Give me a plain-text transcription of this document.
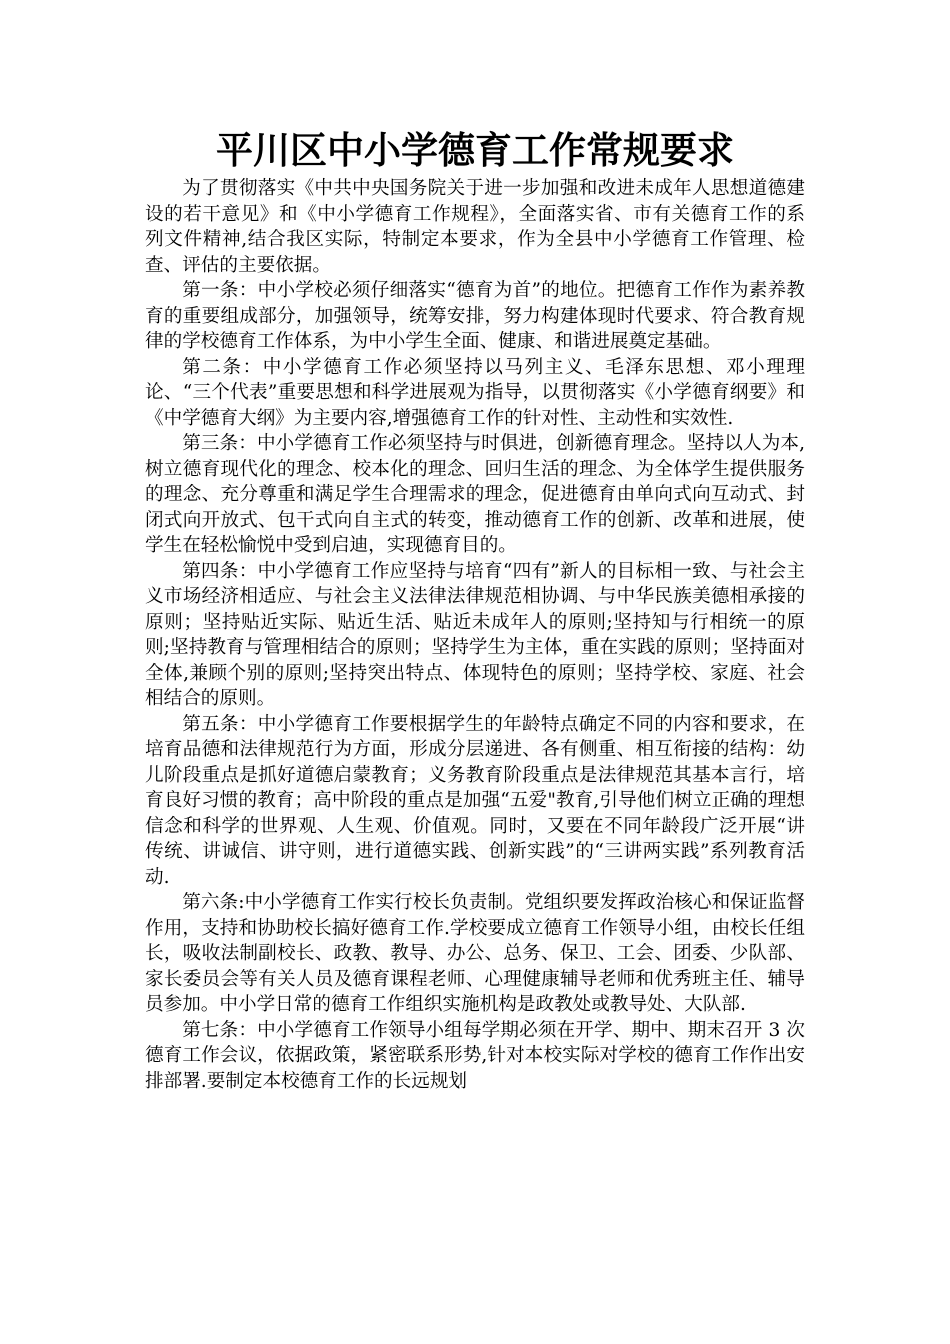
平川区中小学德育工作常规要求

为了贯彻落实《中共中央国务院关于进一步加强和改进未成年人思想道德建设的若干意见》和《中小学德育工作规程》，全面落实省、市有关德育工作的系列文件精神,结合我区实际，特制定本要求，作为全县中小学德育工作管理、检查、评估的主要依据。

第一条：中小学校必须仔细落实“德育为首”的地位。把德育工作作为素养教育的重要组成部分，加强领导，统筹安排，努力构建体现时代要求、符合教育规律的学校德育工作体系，为中小学生全面、健康、和谐进展奠定基础。

第二条：中小学德育工作必须坚持以马列主义、毛泽东思想、邓小理理论、“三个代表”重要思想和科学进展观为指导，以贯彻落实《小学德育纲要》和《中学德育大纲》为主要内容,增强德育工作的针对性、主动性和实效性.

第三条：中小学德育工作必须坚持与时俱进，创新德育理念。坚持以人为本,树立德育现代化的理念、校本化的理念、回归生活的理念、为全体学生提供服务的理念、充分尊重和满足学生合理需求的理念，促进德育由单向式向互动式、封闭式向开放式、包干式向自主式的转变，推动德育工作的创新、改革和进展，使学生在轻松愉悦中受到启迪，实现德育目的。

第四条：中小学德育工作应坚持与培育“四有”新人的目标相一致、与社会主义市场经济相适应、与社会主义法律法律规范相协调、与中华民族美德相承接的原则；坚持贴近实际、贴近生活、贴近未成年人的原则;坚持知与行相统一的原则;坚持教育与管理相结合的原则；坚持学生为主体，重在实践的原则；坚持面对全体,兼顾个别的原则;坚持突出特点、体现特色的原则；坚持学校、家庭、社会相结合的原则。

第五条：中小学德育工作要根据学生的年龄特点确定不同的内容和要求，在培育品德和法律规范行为方面，形成分层递进、各有侧重、相互衔接的结构：幼儿阶段重点是抓好道德启蒙教育；义务教育阶段重点是法律规范其基本言行，培育良好习惯的教育；高中阶段的重点是加强“五爱"教育,引导他们树立正确的理想信念和科学的世界观、人生观、价值观。同时，又要在不同年龄段广泛开展“讲传统、讲诚信、讲守则，进行道德实践、创新实践”的“三讲两实践”系列教育活动.

第六条:中小学德育工作实行校长负责制。党组织要发挥政治核心和保证监督作用，支持和协助校长搞好德育工作.学校要成立德育工作领导小组，由校长任组长，吸收法制副校长、政教、教导、办公、总务、保卫、工会、团委、少队部、家长委员会等有关人员及德育课程老师、心理健康辅导老师和优秀班主任、辅导员参加。中小学日常的德育工作组织实施机构是政教处或教导处、大队部.

第七条：中小学德育工作领导小组每学期必须在开学、期中、期末召开 3 次德育工作会议，依据政策，紧密联系形势,针对本校实际对学校的德育工作作出安排部署.要制定本校德育工作的长远规划
